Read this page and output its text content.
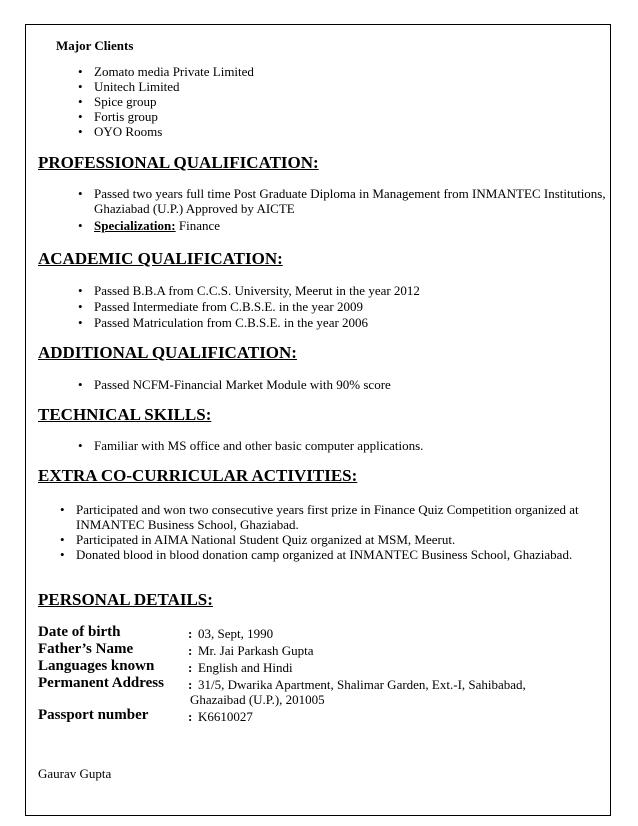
Major Clients
• Zomato media Private Limited
• Unitech Limited
• Spice group
• Fortis group
• OYO Rooms
PROFESSIONAL QUALIFICATION:
• Passed two years full time Post Graduate Diploma in Management from INMANTEC Institutions,
Ghaziabad (U.P.) Approved by AICTE
• Specialization: Finance
ACADEMIC QUALIFICATION:
• Passed B.B.A from C.C.S. University, Meerut in the year 2012
• Passed Intermediate from C.B.S.E. in the year 2009
• Passed Matriculation from C.B.S.E. in the year 2006
ADDITIONAL QUALIFICATION:
• Passed NCFM-Financial Market Module with 90% score
TECHNICAL SKILLS:
• Familiar with MS office and other basic computer applications.
EXTRA CO-CURRICULAR ACTIVITIES:
• Participated and won two consecutive years first prize in Finance Quiz Competition organized at
INMANTEC Business School, Ghaziabad.
• Participated in AIMA National Student Quiz organized at MSM, Meerut.
• Donated blood in blood donation camp organized at INMANTEC Business School, Ghaziabad.
PERSONAL DETAILS:
Date of birth	: 03, Sept, 1990
Father’s Name	: Mr. Jai Parkash Gupta
Languages known	: English and Hindi
Permanent Address : 31/5, Dwarika Apartment, Shalimar Garden, Ext.-I, Sahibabad,
Ghazaibad (U.P.), 201005
Passport number	: K6610027
Gaurav Gupta
